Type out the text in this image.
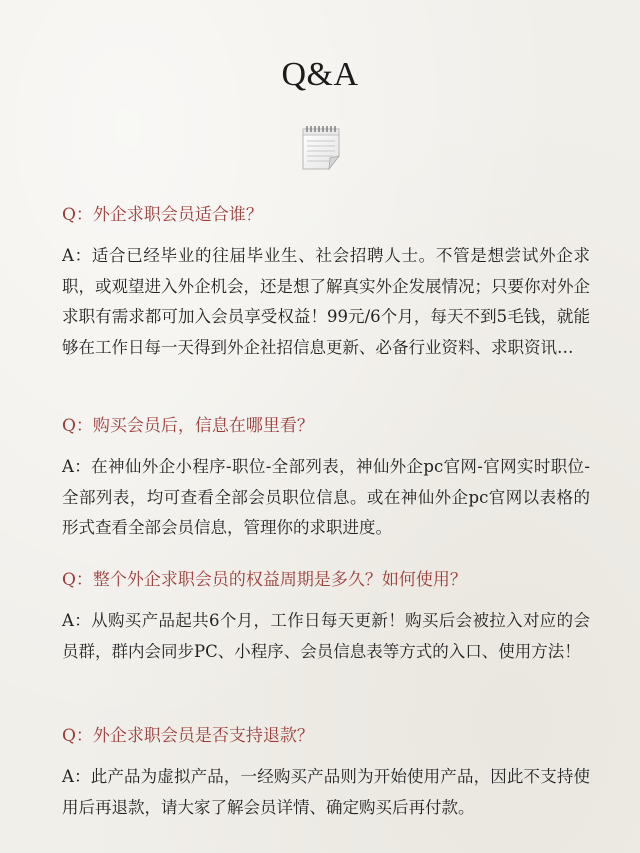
Q&A
Q：外企求职会员适合谁？
A：适合已经毕业的往届毕业生、社会招聘人士。不管是想尝试外企求职，或观望进入外企机会，还是想了解真实外企发展情况；只要你对外企求职有需求都可加入会员享受权益！99元/6个月，每天不到5毛钱，就能够在工作日每一天得到外企社招信息更新、必备行业资料、求职资讯…
Q：购买会员后，信息在哪里看？
A：在神仙外企小程序-职位-全部列表，神仙外企pc官网-官网实时职位-全部列表，均可查看全部会员职位信息。或在神仙外企pc官网以表格的形式查看全部会员信息，管理你的求职进度。
Q：整个外企求职会员的权益周期是多久？如何使用？
A：从购买产品起共6个月，工作日每天更新！购买后会被拉入对应的会员群，群内会同步PC、小程序、会员信息表等方式的入口、使用方法！
Q：外企求职会员是否支持退款？
A：此产品为虚拟产品，一经购买产品则为开始使用产品，因此不支持使用后再退款，请大家了解会员详情、确定购买后再付款。
